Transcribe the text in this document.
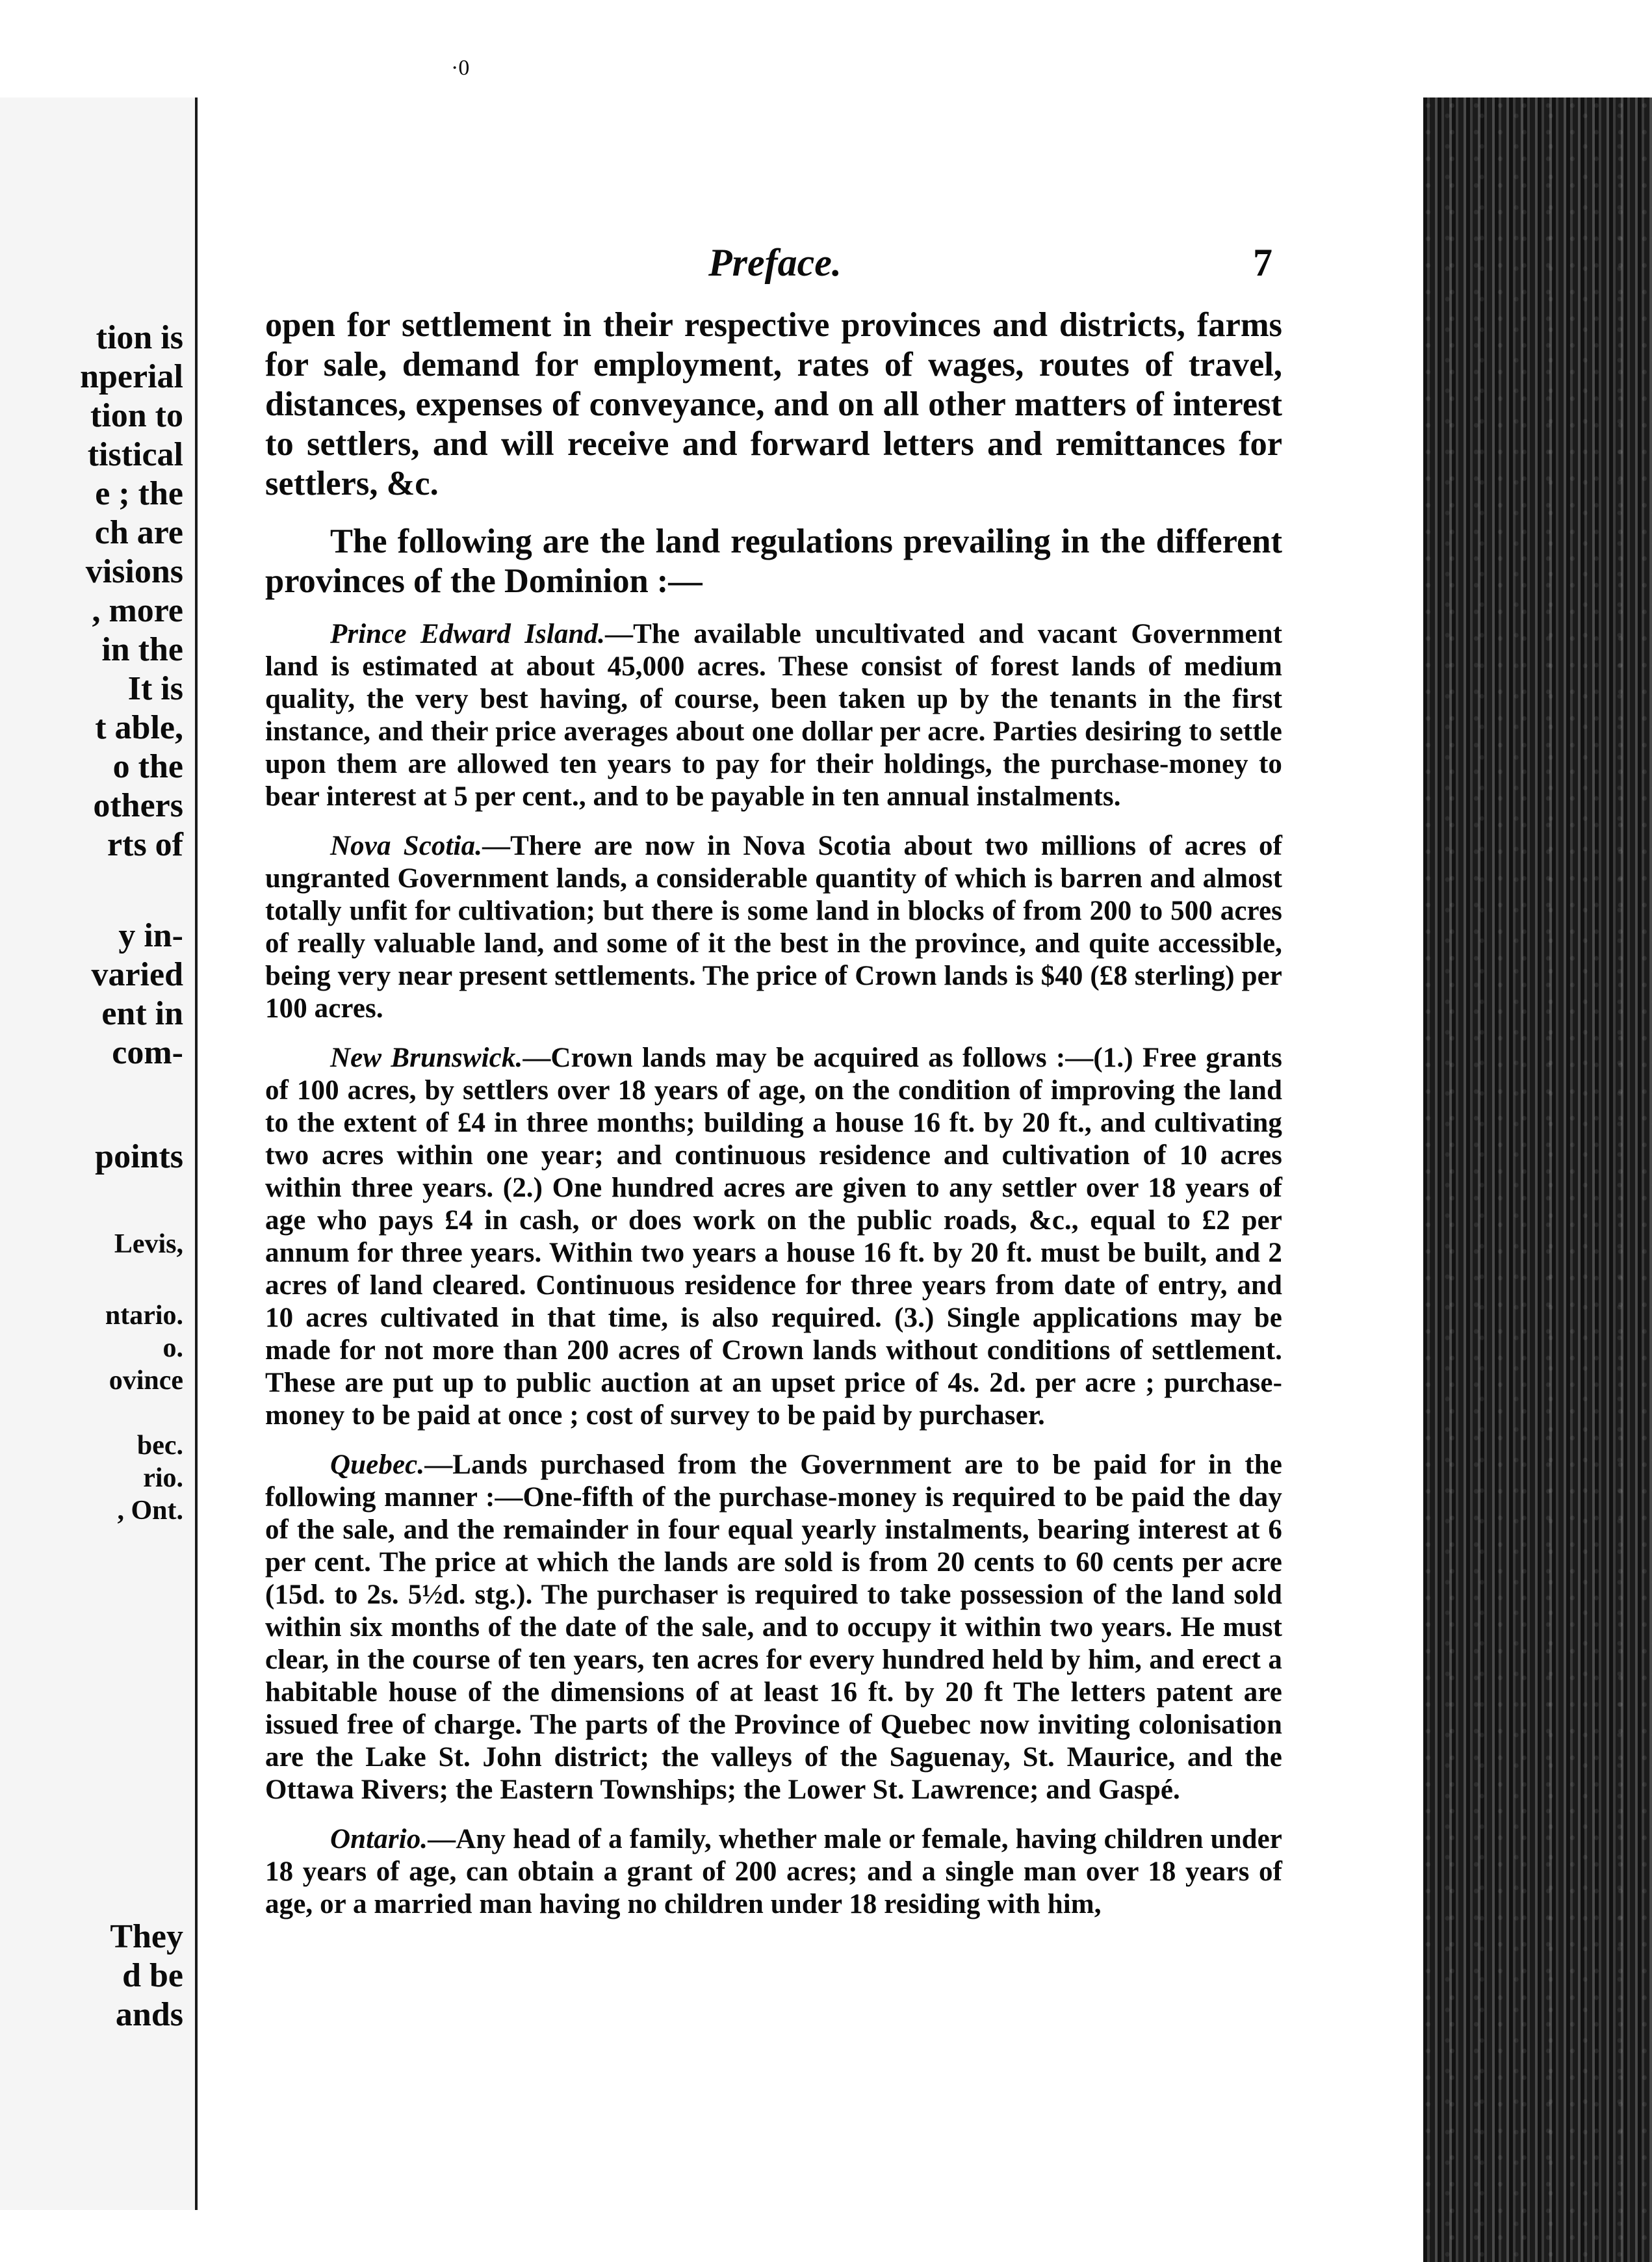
·0
tion is
nperial
tion to
tistical
e ; the
ch are
visions
, more
in the
It is
t able,
o the
others
rts of
y in-
varied
ent in
com-
points
Levis,
ntario.
o.
ovince
bec.
rio.
, Ont.
They
d be
ands
Preface.	7

open for settlement in their respective provinces and districts, farms for sale, demand for employment, rates of wages, routes of travel, distances, expenses of conveyance, and on all other matters of interest to settlers, and will receive and forward letters and remittances for settlers, &c.

The following are the land regulations prevailing in the different provinces of the Dominion :—

Prince Edward Island.—The available uncultivated and vacant Government land is estimated at about 45,000 acres. These consist of forest lands of medium quality, the very best having, of course, been taken up by the tenants in the first instance, and their price averages about one dollar per acre. Parties desiring to settle upon them are allowed ten years to pay for their holdings, the purchase-money to bear interest at 5 per cent., and to be payable in ten annual instalments.

Nova Scotia.—There are now in Nova Scotia about two millions of acres of ungranted Government lands, a considerable quantity of which is barren and almost totally unfit for cultivation; but there is some land in blocks of from 200 to 500 acres of really valuable land, and some of it the best in the province, and quite accessible, being very near present settlements. The price of Crown lands is $40 (£8 sterling) per 100 acres.

New Brunswick.—Crown lands may be acquired as follows :—(1.) Free grants of 100 acres, by settlers over 18 years of age, on the condition of improving the land to the extent of £4 in three months; building a house 16 ft. by 20 ft., and cultivating two acres within one year; and continuous residence and cultivation of 10 acres within three years. (2.) One hundred acres are given to any settler over 18 years of age who pays £4 in cash, or does work on the public roads, &c., equal to £2 per annum for three years. Within two years a house 16 ft. by 20 ft. must be built, and 2 acres of land cleared. Continuous residence for three years from date of entry, and 10 acres cultivated in that time, is also required. (3.) Single applications may be made for not more than 200 acres of Crown lands without conditions of settlement. These are put up to public auction at an upset price of 4s. 2d. per acre ; purchase-money to be paid at once ; cost of survey to be paid by purchaser.

Quebec.—Lands purchased from the Government are to be paid for in the following manner :—One-fifth of the purchase-money is required to be paid the day of the sale, and the remainder in four equal yearly instalments, bearing interest at 6 per cent. The price at which the lands are sold is from 20 cents to 60 cents per acre (15d. to 2s. 5½d. stg.). The purchaser is required to take possession of the land sold within six months of the date of the sale, and to occupy it within two years. He must clear, in the course of ten years, ten acres for every hundred held by him, and erect a habitable house of the dimensions of at least 16 ft. by 20 ft The letters patent are issued free of charge. The parts of the Province of Quebec now inviting colonisation are the Lake St. John district; the valleys of the Saguenay, St. Maurice, and the Ottawa Rivers; the Eastern Townships; the Lower St. Lawrence; and Gaspé.

Ontario.—Any head of a family, whether male or female, having children under 18 years of age, can obtain a grant of 200 acres; and a single man over 18 years of age, or a married man having no children under 18 residing with him,
